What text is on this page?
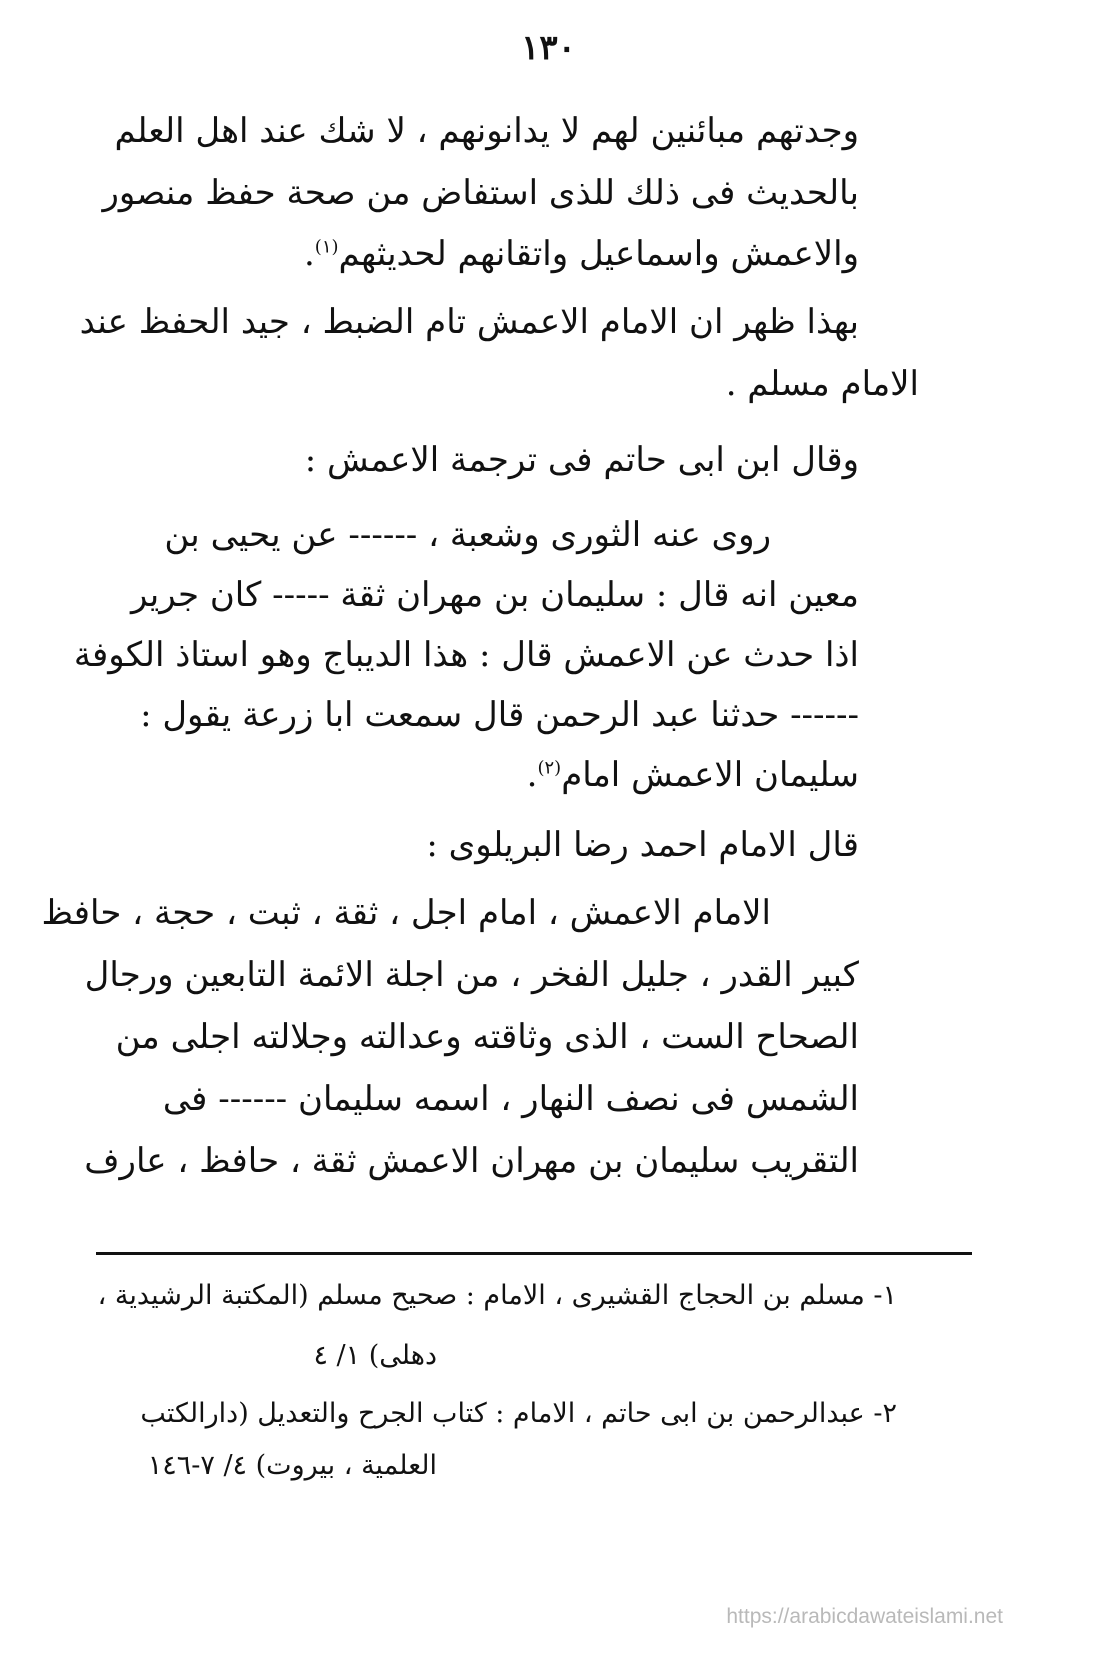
١٣٠
وجدتهم مبائنين لهم لا يدانونهم ، لا شك عند اهل العلم
بالحديث فى ذلك للذى استفاض من صحة حفظ منصور
والاعمش واسماعيل واتقانهم لحديثهم$^{(١)}$.
بهذا ظهر ان الامام الاعمش تام الضبط ، جيد الحفظ عند
الامام مسلم .
وقال ابن ابى حاتم فى ترجمة الاعمش :
روى عنه الثورى وشعبة ، ------ عن يحيى بن
معين انه قال : سليمان بن مهران ثقة ----- كان جرير
اذا حدث عن الاعمش قال : هذا الديباج وهو استاذ الكوفة
------ حدثنا عبد الرحمن قال سمعت ابا زرعة يقول :
سليمان الاعمش امام$^{(٢)}$.
قال الامام احمد رضا البريلوى :
الامام الاعمش ، امام اجل ، ثقة ، ثبت ، حجة ، حافظ
كبير القدر ، جليل الفخر ، من اجلة الائمة التابعين ورجال
الصحاح الست ، الذى وثاقته وعدالته وجلالته اجلى من
الشمس فى نصف النهار ، اسمه سليمان ------ فى
التقريب سليمان بن مهران الاعمش ثقة ، حافظ ، عارف
١- مسلم بن الحجاج القشيرى ، الامام : صحيح مسلم (المكتبة الرشيدية ،
دهلى) ١/ ٤
٢- عبدالرحمن بن ابى حاتم ، الامام : كتاب الجرح والتعديل (دارالكتب
العلمية ، بيروت) ٤/ ٧-١٤٦
https://arabicdawateislami.net
